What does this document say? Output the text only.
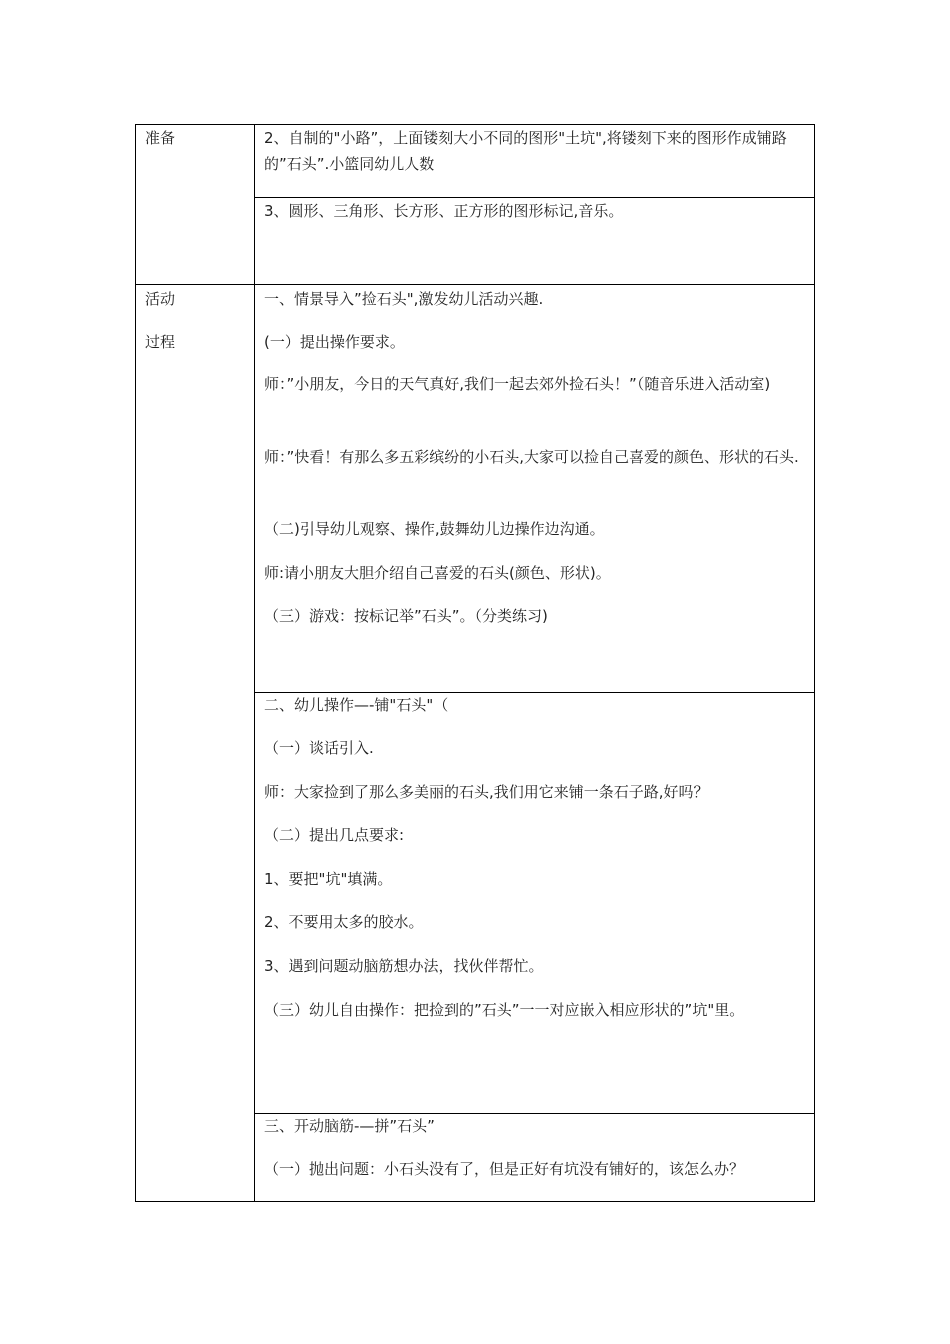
准备	2、自制的"小路”，上面镂刻大小不同的图形"土坑",将镂刻下来的图形作成铺路的”石头”.小篮同幼儿人数
3、圆形、三角形、长方形、正方形的图形标记,音乐。
活动
过程
一、情景导入”捡石头",激发幼儿活动兴趣.
(一）提出操作要求。
师：”小朋友，今日的天气真好,我们一起去郊外捡石头！”（随音乐进入活动室)
师：”快看！有那么多五彩缤纷的小石头,大家可以捡自己喜爱的颜色、形状的石头.
（二)引导幼儿观察、操作,鼓舞幼儿边操作边沟通。
师:请小朋友大胆介绍自己喜爱的石头(颜色、形状)。
（三）游戏：按标记举”石头”。（分类练习)
二、幼儿操作—-铺"石头"（
（一）谈话引入.
师：大家捡到了那么多美丽的石头,我们用它来铺一条石子路,好吗？
（二）提出几点要求:
1、要把"坑"填满。
2、不要用太多的胶水。
3、遇到问题动脑筋想办法，找伙伴帮忙。
（三）幼儿自由操作：把捡到的”石头”一一对应嵌入相应形状的”坑"里。
三、开动脑筋-—拼”石头”
（一）抛出问题：小石头没有了，但是正好有坑没有铺好的，该怎么办？
